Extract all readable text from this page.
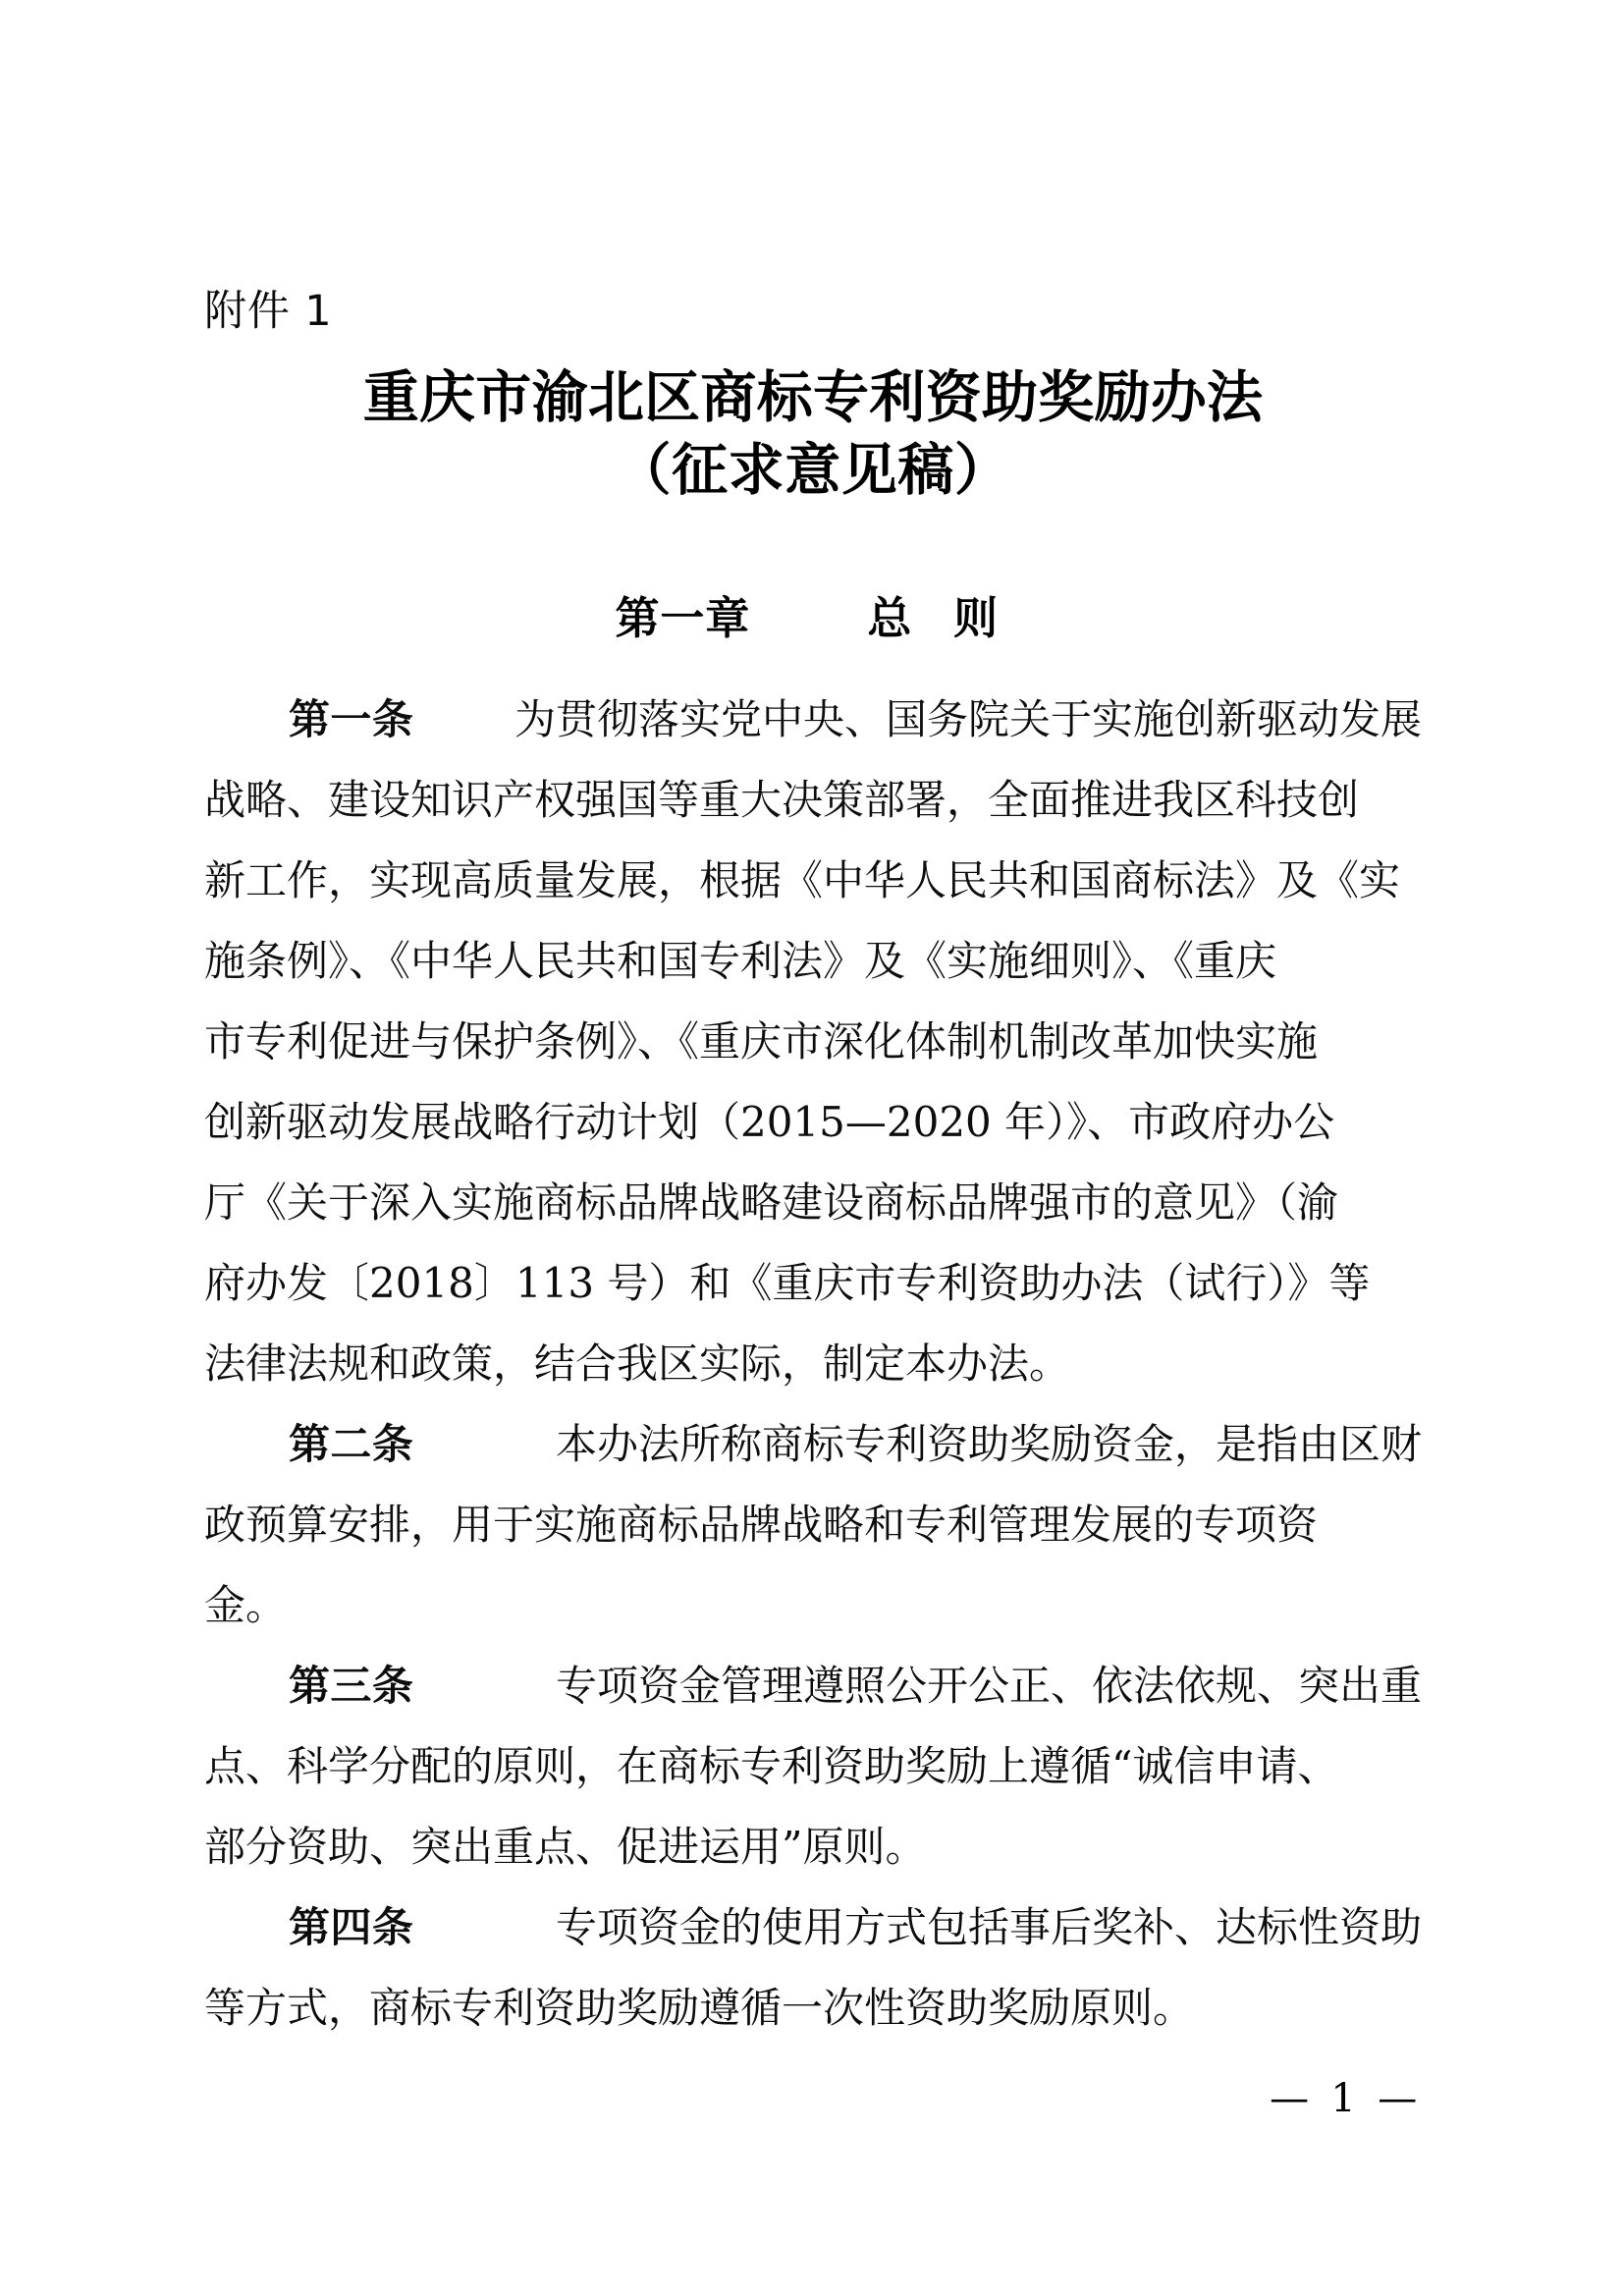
附件 1
重庆市渝北区商标专利资助奖励办法
（征求意见稿）
第一章	总 则
第一条 为贯彻落实党中央、国务院关于实施创新驱动发展
战略、建设知识产权强国等重大决策部署，全面推进我区科技创
新工作，实现高质量发展，根据《中华人民共和国商标法》及《实
施条例》、《中华人民共和国专利法》及《实施细则》、《重庆
市专利促进与保护条例》、《重庆市深化体制机制改革加快实施
创新驱动发展战略行动计划（2015—2020 年）》、市政府办公
厅《关于深入实施商标品牌战略建设商标品牌强市的意见》（渝
府办发〔2018〕113 号）和《重庆市专利资助办法（试行）》等
法律法规和政策，结合我区实际，制定本办法。
第二条	本办法所称商标专利资助奖励资金，是指由区财
政预算安排，用于实施商标品牌战略和专利管理发展的专项资
金。
第三条	专项资金管理遵照公开公正、依法依规、突出重
点、科学分配的原则，在商标专利资助奖励上遵循“诚信申请、
部分资助、突出重点、促进运用”原则。
第四条	专项资金的使用方式包括事后奖补、达标性资助
等方式，商标专利资助奖励遵循一次性资助奖励原则。
— 1 —
